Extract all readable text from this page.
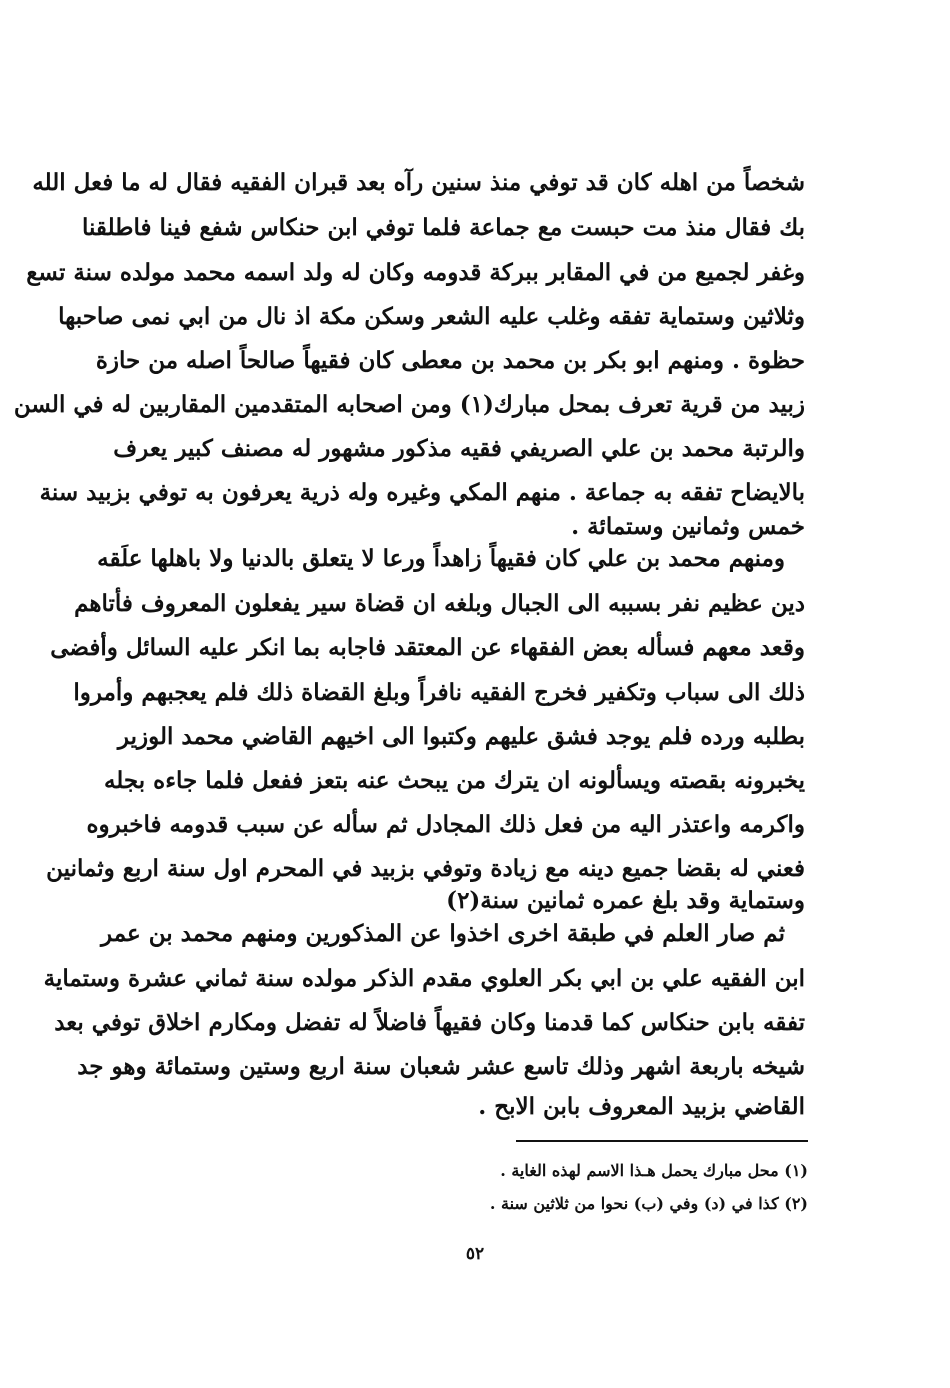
شخصاً من اهله كان قد توفي منذ سنين رآه بعد قبران الفقيه فقال له ما فعل الله
بك فقال منذ مت حبست مع جماعة فلما توفي ابن حنكاس شفع فينا فاطلقنا
وغفر لجميع من في المقابر ببركة قدومه وكان له ولد اسمه محمد مولده سنة تسع
وثلاثين وستماية تفقه وغلب عليه الشعر وسكن مكة اذ نال من ابي نمى صاحبها
حظوة . ومنهم ابو بكر بن محمد بن معطى كان فقيهاً صالحاً اصله من حازة
زبيد من قرية تعرف بمحل مبارك(١) ومن اصحابه المتقدمين المقاربين له في السن
والرتبة محمد بن علي الصريفي فقيه مذكور مشهور له مصنف كبير يعرف
بالايضاح تفقه به جماعة . منهم المكي وغيره وله ذرية يعرفون به توفي بزبيد سنة
خمس وثمانين وستمائة .
ومنهم محمد بن علي كان فقيهاً زاهداً ورعا لا يتعلق بالدنيا ولا باهلها علَقه
دين عظيم نفر بسببه الى الجبال وبلغه ان قضاة سير يفعلون المعروف فأتاهم
وقعد معهم فسأله بعض الفقهاء عن المعتقد فاجابه بما انكر عليه السائل وأفضى
ذلك الى سباب وتكفير فخرج الفقيه نافراً وبلغ القضاة ذلك فلم يعجبهم وأمروا
بطلبه ورده فلم يوجد فشق عليهم وكتبوا الى اخيهم القاضي محمد الوزير
يخبرونه بقصته ويسألونه ان يترك من يبحث عنه بتعز ففعل فلما جاءه بجله
واكرمه واعتذر اليه من فعل ذلك المجادل ثم سأله عن سبب قدومه فاخبروه
فعني له بقضا جميع دينه مع زيادة وتوفي بزبيد في المحرم اول سنة اربع وثمانين
وستماية وقد بلغ عمره ثمانين سنة(٢)
ثم صار العلم في طبقة اخرى اخذوا عن المذكورين ومنهم محمد بن عمر
ابن الفقيه علي بن ابي بكر العلوي مقدم الذكر مولده سنة ثماني عشرة وستماية
تفقه بابن حنكاس كما قدمنا وكان فقيهاً فاضلاً له تفضل ومكارم اخلاق توفي بعد
شيخه باربعة اشهر وذلك تاسع عشر شعبان سنة اربع وستين وستمائة وهو جد
القاضي بزبيد المعروف بابن الابح .
(١) محل مبارك يحمل هـذا الاسم لهذه الغاية .
(٢) كذا في (د) وفي (ب) نحوا من ثلاثين سنة .
٥٢
